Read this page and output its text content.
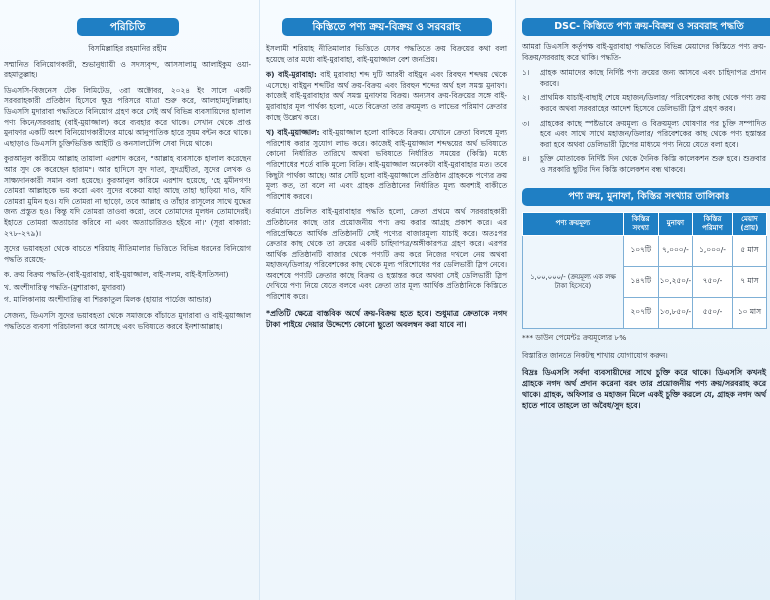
পরিচিতি

বিসমিল্লাহির রহমানির রহীম

সম্মানিত বিনিয়োগকারী, শুভানুধ্যায়ী ও সদস্যবৃন্দ, আসসালামু আলাইকুম ওয়া- রহমাতুল্লাহ।

ডিএসসি-বিজনেস টেক লিমিটেড, ৩রা অক্টোবর, ২০২৪ ইং সালে একটি সরবরাহকারী প্রতিষ্ঠান হিসেবে ক্ষুদ্র পরিসরে যাত্রা শুরু করে, আলহামদুলিল্লাহ। ডিএসসি মুদারাবা পদ্ধতিতে বিনিয়োগ গ্রহণ করে সেই অর্থ বিভিন্ন ব্যবসায়িদের হালাল পণ্য কিনে/সরবরাহ (বাই-মুয়াজ্জাল) করে ব্যবহার করে থাকে। সেখান থেকে প্রাপ্ত মুনাফার একটি অংশ বিনিয়োগকারীদের মাঝে আনুপাতিক হারে সুষম বন্টন করে থাকে। এছাড়াও ডিএসসি চুক্তিভিত্তিক আইটি ও কনসালটেন্সি সেবা দিয়ে থাকে।

কুরআনুল কারীমে আল্লাহ তায়ালা এরশাদ করেন, "আল্লাহ ব্যবসাকে হালাল করেছেন আর সুদ কে করেছেন হারাম"। আর হাদিসে সুদ দাতা, সুদগ্রহীতা, সুদের লেখক ও সাক্ষ্যদানকারী সমান বলা হয়েছে। কুরআনুল কারিমে এরশাদ হয়েছে, 'হে মুমীনগণ! তোমরা আল্লাহকে ভয় করো এবং সুদের বকেয়া যাহা আছে তাহা ছাড়িয়া দাও, যদি তোমরা মুমিন হও। যদি তোমরা না ছাড়ো, তবে আল্লাহ ও তাঁহার রাসূলের সাথে যুদ্ধের জন্য প্রস্তুত হও। কিন্তু যদি তোমরা তাওবা করো, তবে তোমাদের মূলধন তোমাদেরই। ইহাতে তোমরা অত্যাচার করিবে না এবং অত্যাচারিতও হইবে না।' (সূরা বাকারা: ২৭৮-২৭৯)।

সুদের ভয়াবহতা থেকে বাচতে শরিয়াহ নীতিমালার ভিত্তিতে বিভিন্ন ধরনের বিনিয়োগ পদ্ধতি রয়েছে-

ক. ক্রয় বিক্রয় পদ্ধতি-(বাই-মুরাবাহা, বাই-মুয়াজ্জাল, বাই-সলম, বাই-ইসতিসনা)
খ. অংশীদারিত্ব পদ্ধতি-(মুশারাকা, মুদারবা)
গ. মালিকানায় অংশীদারিত্ব বা শিরকাতুল মিলক (হায়ার পার্চেজ আন্ডার)

সেজন্য, ডিএসসি সুদের ভয়াবহতা থেকে সমাজকে বাঁচাতে মুদারাবা ও বাই-মুয়াজ্জাল পদ্ধতিতে ব্যবসা পরিচালনা করে আসছে এবং ভবিষ্যতে করবে ইনশাআল্লাহ।

কিস্তিতে পণ্য ক্রয়-বিক্রয় ও সরবরাহ

ইসলামী শরিয়াহ নীতিমালার ভিত্তিতে যেসব পদ্ধতিতে ক্রয় বিক্রয়ের কথা বলা হয়েছে তার মধ্যে বাই-মুরাবাহা, বাই-মুয়াজ্জাল বেশ জনপ্রিয়।

ক) বাই-মুরাবাহা: বাই মুরাবাহা শব্দ দুটি আরবী বাইয়ুন এবং রিবহুন শব্দদ্বয় থেকে এসেছে। বাইয়ুন শব্দটির অর্থ ক্রয়-বিক্রয় এবং রিবহুন শব্দের অর্থ হল সমস্ত মুনাফা। কাজেই বাই-মুরাবাহার অর্থ সমস্ত মুনাফায় বিক্রয়। অন্যসব ক্রয়-বিক্রয়ের সঙ্গে বাই-মুরাবাহার মূল পার্থক্য হলো, এতে বিক্রেতা তার ক্রয়মূল্য ও লাভের পরিমাণ ক্রেতার কাছে উল্লেখ করে।

খ) বাই-মুয়াজ্জাল: বাই-মুয়াজ্জাল হলো বাকিতে বিক্রয়। যেখানে ক্রেতা বিলম্বে মূল্য পরিশোধ করার সুযোগ লাভ করে। কাজেই বাই-মুয়াজ্জাল শব্দদ্বয়ের অর্থ ভবিষ্যতে কোনো নির্ধারিত তারিখে অথবা ভবিষ্যতে নির্ধারিত সময়ের (কিস্তি) মধ্যে পরিশোধের শর্তে বাকি মূল্যে বিক্রি। বাই-মুয়াজ্জাল অনেকটা বাই-মুরাবাহার মত। তবে কিছুটা পার্থক্য আছে। আর সেটি হলো বাই-মুয়াজ্জালে প্রতিষ্ঠান গ্রাহককে পণ্যের ক্রয় মূল্য কত, তা বলে না এবং গ্রাহক প্রতিষ্ঠানের নির্ধারিত মূল্য অবশ্যই বাকীতে পরিশোধ করবে।

বর্তমানে প্রচলিত বাই-মুরাবাহার পদ্ধতি হলো, ক্রেতা প্রথমে অর্থ সরবরাহকারী প্রতিষ্ঠানের কাছে তার প্রয়োজনীয় পণ্য ক্রয় করার আগ্রহ প্রকাশ করে। এর পরিপ্রেক্ষিতে আর্থিক প্রতিষ্ঠানটি সেই পণ্যের বাজারমূল্য যাচাই করে। অতঃপর ক্রেতার কাছ থেকে তা ক্রয়ের একটি চাহিদাপত্র/অঙ্গীকারপত্র গ্রহণ করে। এরপর আর্থিক প্রতিষ্ঠানটি বাজার থেকে পণ্যটি ক্রয় করে নিজের দখলে নেয় অথবা মহাজন/ডিলার/ পরিবেশকের কাছ থেকে মূল্য পরিশোধের পর ডেলিভারী স্লিপ নেবে। অবশেষে পণ্যটি ক্রেতার কাছে বিক্রয় ও হস্তান্তর করে অথবা সেই ডেলিভারী স্লিপ দেখিয়ে পণ্য নিয়ে যেতে বলবে এবং ক্রেতা তার মূল্য আর্থিক প্রতিষ্ঠানিকে কিস্তিতে পরিশোধ করে।

*প্রতিটি ক্ষেত্রে বাস্তবিক অর্থে ক্রয়-বিক্রয় হতে হবে। শুধুমাত্র ক্রেতাকে নগদ টাকা পাইয়ে দেয়ার উদ্দেশ্যে কোনো ছুতো অবলম্বন করা যাবে না।

DSC- কিস্তিতে পণ্য ক্রয়-বিক্রয় ও সরবরাহ পদ্ধতি

আমরা ডিএসসি কর্তৃপক্ষ বাই-মুরাবাহা পদ্ধতিতে বিভিন্ন মেয়াদের কিস্তিতে পণ্য ক্রয়- বিক্রয়/সরবরাহ করে থাকি। পদ্ধতি-

১।	গ্রাহক আমাদের কাছে নির্দিষ্ট পণ্য ক্রয়ের জন্য আসবে এবং চাহিদাপত্র প্রদান করবে।
২।	প্রাথমিক যাচাই-বাছাই শেষে মহাজন/ডিলার/ পরিবেশকের কাছ থেকে পণ্য ক্রয় করবে অথবা সরবরাহের আদেশ হিসেবে ডেলিভারী স্লিপ গ্রহণ করব।
৩।	গ্রাহকের কাছে স্পষ্টভাবে ক্রয়মূল্য ও বিক্রয়মূল্য ঘোষণার পর চুক্তি সম্পাদিত হবে এবং সাথে সাথে মহাজন/ডিলার/ পরিবেশকের কাছ থেকে পণ্য হস্তান্তর করা হবে অথবা ডেলিভারী স্লিপের মাধ্যমে পণ্য নিয়ে যেতে বলা হবে।
৪।	চুক্তি মোতাবেক নির্দিষ্ট দিন থেকে দৈনিক কিস্তি কালেকশন শুরু হবে। শুক্রবার ও সরকারি ছুটির দিন কিস্তি কালেকশন বন্ধ থাকবে।
পণ্য ক্রয়, মুনাফা, কিস্তির সংখ্যার তালিকাঃ
পণ্য ক্রয়মূল্য	কিস্তির সংখ্যা	মুনাফা	কিস্তির পরিমাণ	মেয়াদ (প্রায়)
১,০০,০০০/- (ক্রয়মূল্য এক লক্ষ টাকা হিসেবে)	১০৭টি	৭,০০০/-	১,০০০/-	৫ মাস
	১৪৭টি	১০,২৫০/-	৭৫০/-	৭ মাস
	২০৭টি	১৩,৮৫০/-	৫৫০/-	১০ মাস

*** ডাউন পেমেন্টঃ ক্রয়মূল্যের ৮%

বিস্তারিত জানতে নিকটস্থ শাখায় যোগাযোগ করুন।

বিদ্রঃ ডিএসসি সর্বদা ব্যবসায়ীদের সাথে চুক্তি করে থাকে। ডিএসসি কখনই গ্রাহকে নগদ অর্থ প্রদান করেনা বরং তার প্রয়োজনীয় পণ্য ক্রয়/সরবরাহ করে থাকে। গ্রাহক, অফিসার ও মহাজন মিলে একই চুক্তি করলে যে, গ্রাহক নগদ অর্থ হাতে পাবে তাহলে তা অবৈধ/সুদ হবে।
